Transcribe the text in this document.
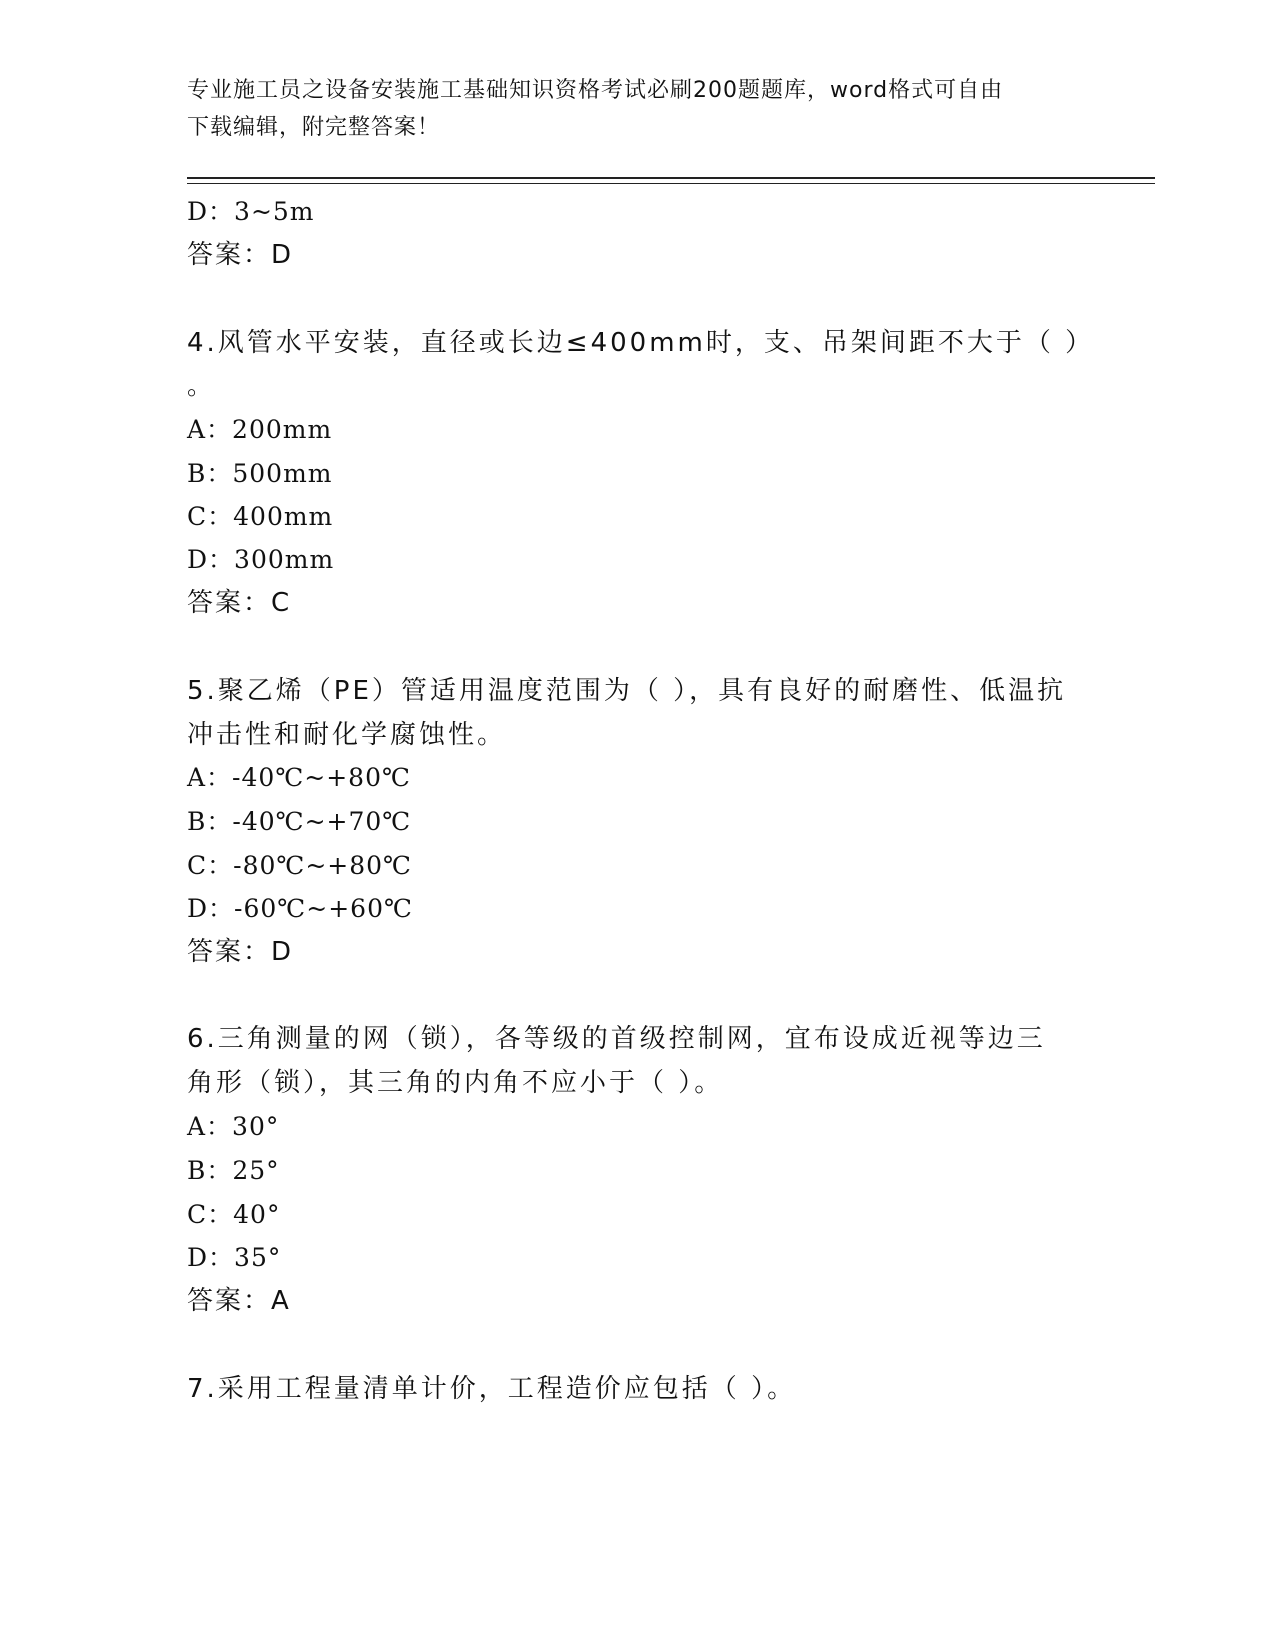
专业施工员之设备安装施工基础知识资格考试必刷200题题库，word格式可自由
下载编辑，附完整答案！
D：3~5m
答案：D
4.风管水平安装，直径或长边≤400mm时，支、吊架间距不大于（ ）
。
A：200mm
B：500mm
C：400mm
D：300mm
答案：C
5.聚乙烯（PE）管适用温度范围为（ ），具有良好的耐磨性、低温抗
冲击性和耐化学腐蚀性。
A：-40℃~+80℃
B：-40℃~+70℃
C：-80℃~+80℃
D：-60℃~+60℃
答案：D
6.三角测量的网（锁），各等级的首级控制网，宜布设成近视等边三
角形（锁），其三角的内角不应小于（ ）。
A：30°
B：25°
C：40°
D：35°
答案：A
7.采用工程量清单计价，工程造价应包括（ ）。
